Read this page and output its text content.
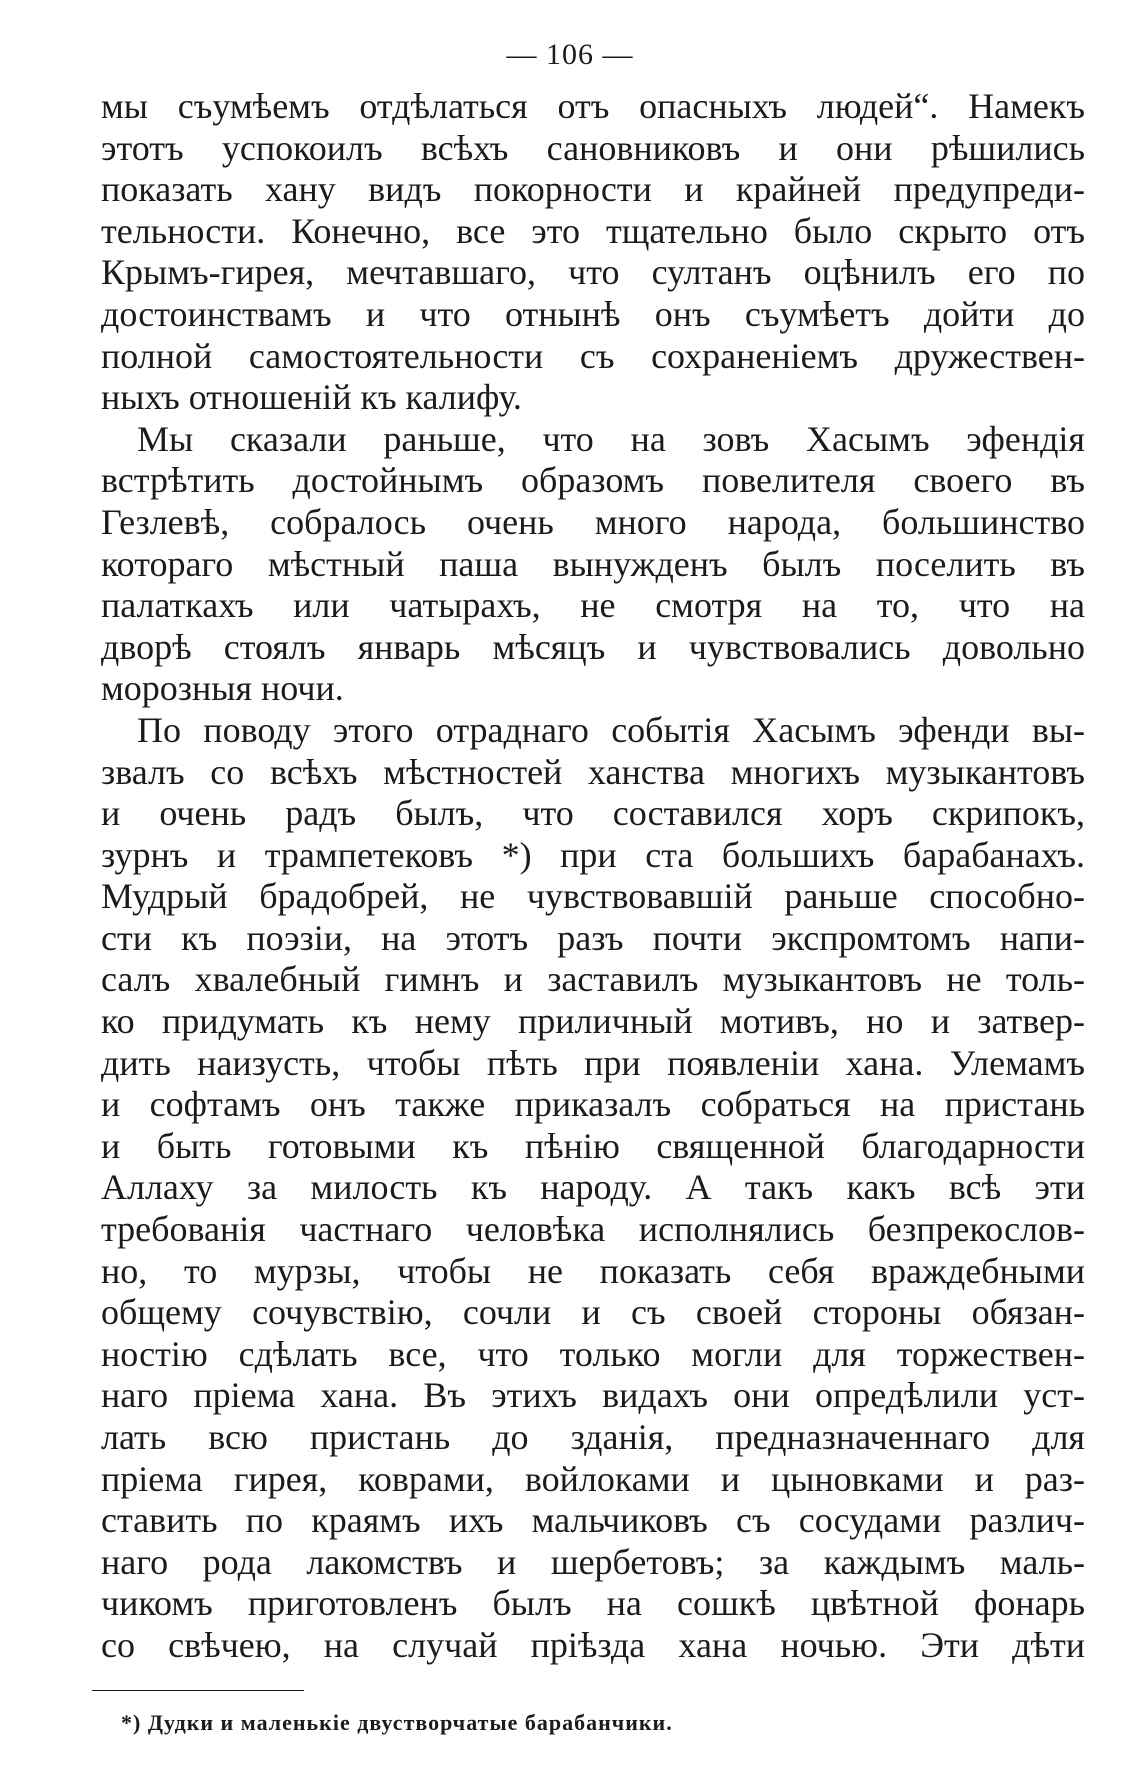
— 106 —
мы съумѣемъ отдѣлаться отъ опасныхъ людей“. Намекъ
этотъ успокоилъ всѣхъ сановниковъ и они рѣшились
показать хану видъ покорности и крайней предупреди-
тельности. Конечно, все это тщательно было скрыто отъ
Крымъ-гирея, мечтавшаго, что султанъ оцѣнилъ его по
достоинствамъ и что отнынѣ онъ съумѣетъ дойти до
полной самостоятельности съ сохраненiемъ дружествен-
ныхъ отношенiй къ калифу.
Мы сказали раньше, что на зовъ Хасымъ эфендiя
встрѣтить достойнымъ образомъ повелителя своего въ
Гезлевѣ, собралось очень много народа, большинство
котораго мѣстный паша вынужденъ былъ поселить въ
палаткахъ или чатырахъ, не смотря на то, что на
дворѣ стоялъ январь мѣсяцъ и чувствовались довольно
морозныя ночи.
По поводу этого отраднаго событiя Хасымъ эфенди вы-
звалъ со всѣхъ мѣстностей ханства многихъ музыкантовъ
и очень радъ былъ, что составился хоръ скрипокъ,
зурнъ и трампетековъ *) при ста большихъ барабанахъ.
Мудрый брадобрей, не чувствовавшiй раньше способно-
сти къ поэзiи, на этотъ разъ почти экспромтомъ напи-
салъ хвалебный гимнъ и заставилъ музыкантовъ не толь-
ко придумать къ нему приличный мотивъ, но и затвер-
дить наизусть, чтобы пѣть при появленiи хана. Улемамъ
и софтамъ онъ также приказалъ собраться на пристань
и быть готовыми къ пѣнiю священной благодарности
Аллаху за милость къ народу. А такъ какъ всѣ эти
требованiя частнаго человѣка исполнялись безпрекослов-
но, то мурзы, чтобы не показать себя враждебными
общему сочувствiю, сочли и съ своей стороны обязан-
ностiю сдѣлать все, что только могли для торжествен-
наго прiема хана. Въ этихъ видахъ они опредѣлили уст-
лать всю пристань до зданiя, предназначеннаго для
прiема гирея, коврами, войлоками и цыновками и раз-
ставить по краямъ ихъ мальчиковъ съ сосудами различ-
наго рода лакомствъ и шербетовъ; за каждымъ маль-
чикомъ приготовленъ былъ на сошкѣ цвѣтной фонарь
со свѣчею, на случай прiѣзда хана ночью. Эти дѣти
*) Дудки и маленькiе двустворчатые барабанчики.
